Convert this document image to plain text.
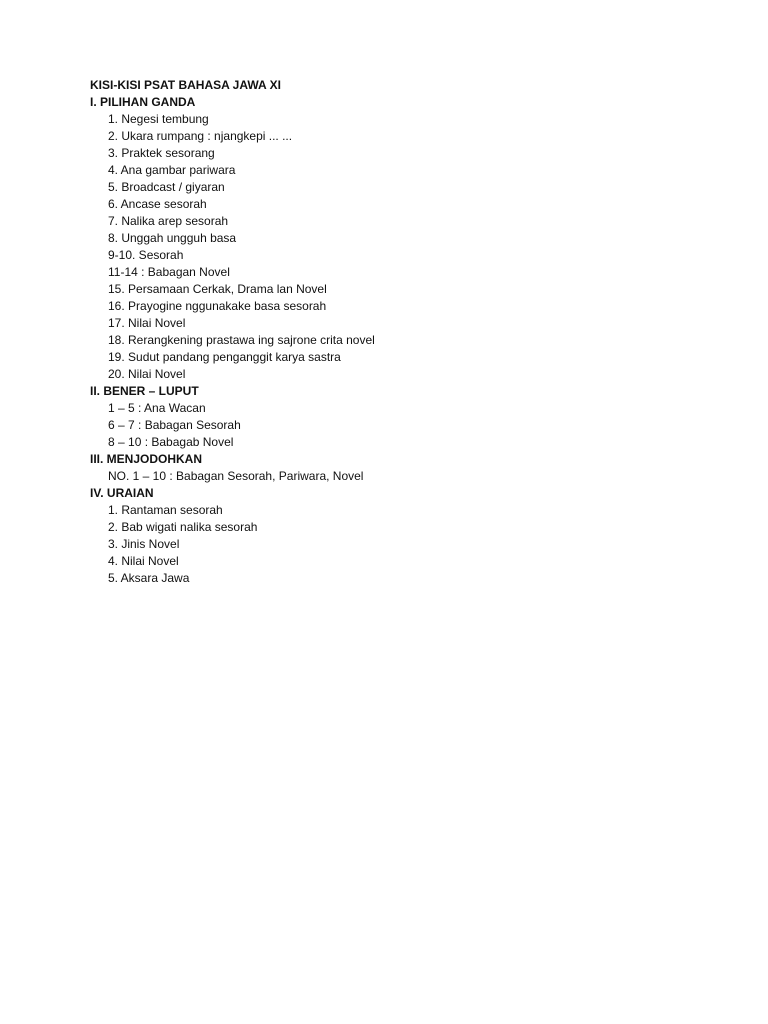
KISI-KISI PSAT BAHASA JAWA XI
I. PILIHAN GANDA
1. Negesi tembung
2. Ukara rumpang : njangkepi ... ...
3. Praktek sesorang
4. Ana gambar pariwara
5. Broadcast / giyaran
6. Ancase sesorah
7. Nalika arep sesorah
8. Unggah ungguh basa
9-10. Sesorah
11-14 : Babagan Novel
15. Persamaan Cerkak, Drama lan Novel
16. Prayogine nggunakake basa sesorah
17. Nilai Novel
18. Rerangkening prastawa ing sajrone crita novel
19. Sudut pandang penganggit karya sastra
20. Nilai Novel
II. BENER – LUPUT
1 – 5 : Ana Wacan
6 – 7 : Babagan Sesorah
8 – 10 : Babagab Novel
III. MENJODOHKAN
NO. 1 – 10 : Babagan Sesorah, Pariwara, Novel
IV. URAIAN
1. Rantaman sesorah
2. Bab wigati nalika sesorah
3. Jinis Novel
4. Nilai Novel
5. Aksara Jawa
